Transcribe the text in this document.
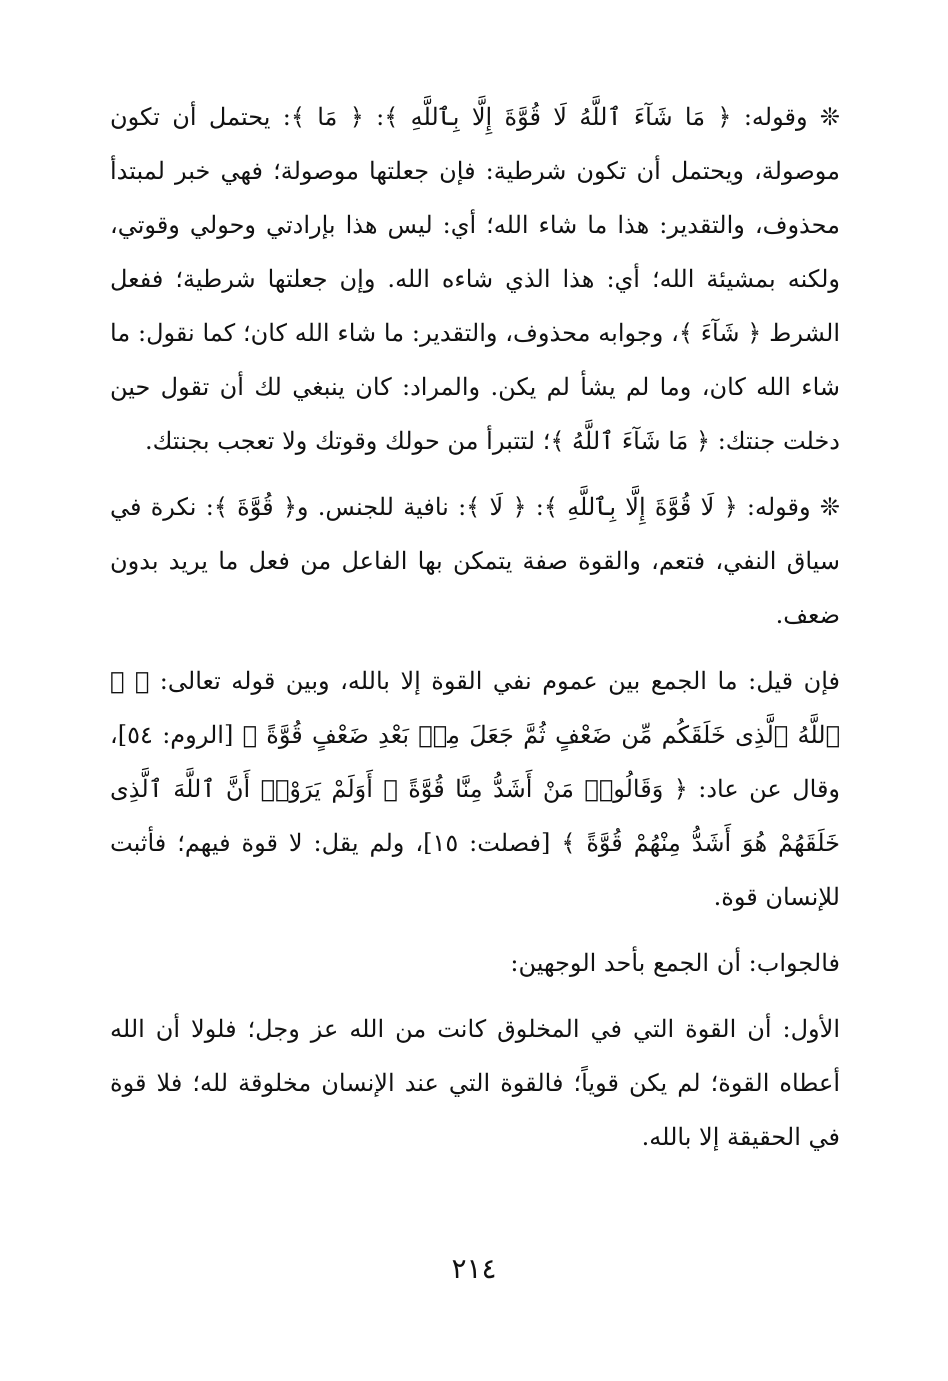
❊ وقوله: ﴿ مَا شَآءَ ٱللَّهُ لَا قُوَّةَ إِلَّا بِٱللَّهِ ﴾: ﴿ مَا ﴾: يحتمل أن تكون موصولة، ويحتمل أن تكون شرطية: فإن جعلتها موصولة؛ فهي خبر لمبتدأ محذوف، والتقدير: هذا ما شاء الله؛ أي: ليس هذا بإرادتي وحولي وقوتي، ولكنه بمشيئة الله؛ أي: هذا الذي شاءه الله. وإن جعلتها شرطية؛ ففعل الشرط ﴿ شَآءَ ﴾، وجوابه محذوف، والتقدير: ما شاء الله كان؛ كما نقول: ما شاء الله كان، وما لم يشأ لم يكن. والمراد: كان ينبغي لك أن تقول حين دخلت جنتك: ﴿ مَا شَآءَ ٱللَّهُ ﴾؛ لتتبرأ من حولك وقوتك ولا تعجب بجنتك.

❊ وقوله: ﴿ لَا قُوَّةَ إِلَّا بِٱللَّهِ ﴾: ﴿ لَا ﴾: نافية للجنس. و﴿ قُوَّةَ ﴾: نكرة في سياق النفي، فتعم، والقوة صفة يتمكن بها الفاعل من فعل ما يريد بدون ضعف.

فإن قيل: ما الجمع بين عموم نفي القوة إلا بالله، وبين قوله تعالى: ﴿ ۞ ٱللَّهُ ٱلَّذِى خَلَقَكُم مِّن ضَعْفٍ ثُمَّ جَعَلَ مِنۢ بَعْدِ ضَعْفٍ قُوَّةً ﴾ [الروم: ٥٤]، وقال عن عاد: ﴿ وَقَالُوا۟ مَنْ أَشَدُّ مِنَّا قُوَّةً ۖ أَوَلَمْ يَرَوْا۟ أَنَّ ٱللَّهَ ٱلَّذِى خَلَقَهُمْ هُوَ أَشَدُّ مِنْهُمْ قُوَّةً ﴾ [فصلت: ١٥]، ولم يقل: لا قوة فيهم؛ فأثبت للإنسان قوة.

فالجواب: أن الجمع بأحد الوجهين:

الأول: أن القوة التي في المخلوق كانت من الله عز وجل؛ فلولا أن الله أعطاه القوة؛ لم يكن قوياً؛ فالقوة التي عند الإنسان مخلوقة لله؛ فلا قوة في الحقيقة إلا بالله.

٢١٤
